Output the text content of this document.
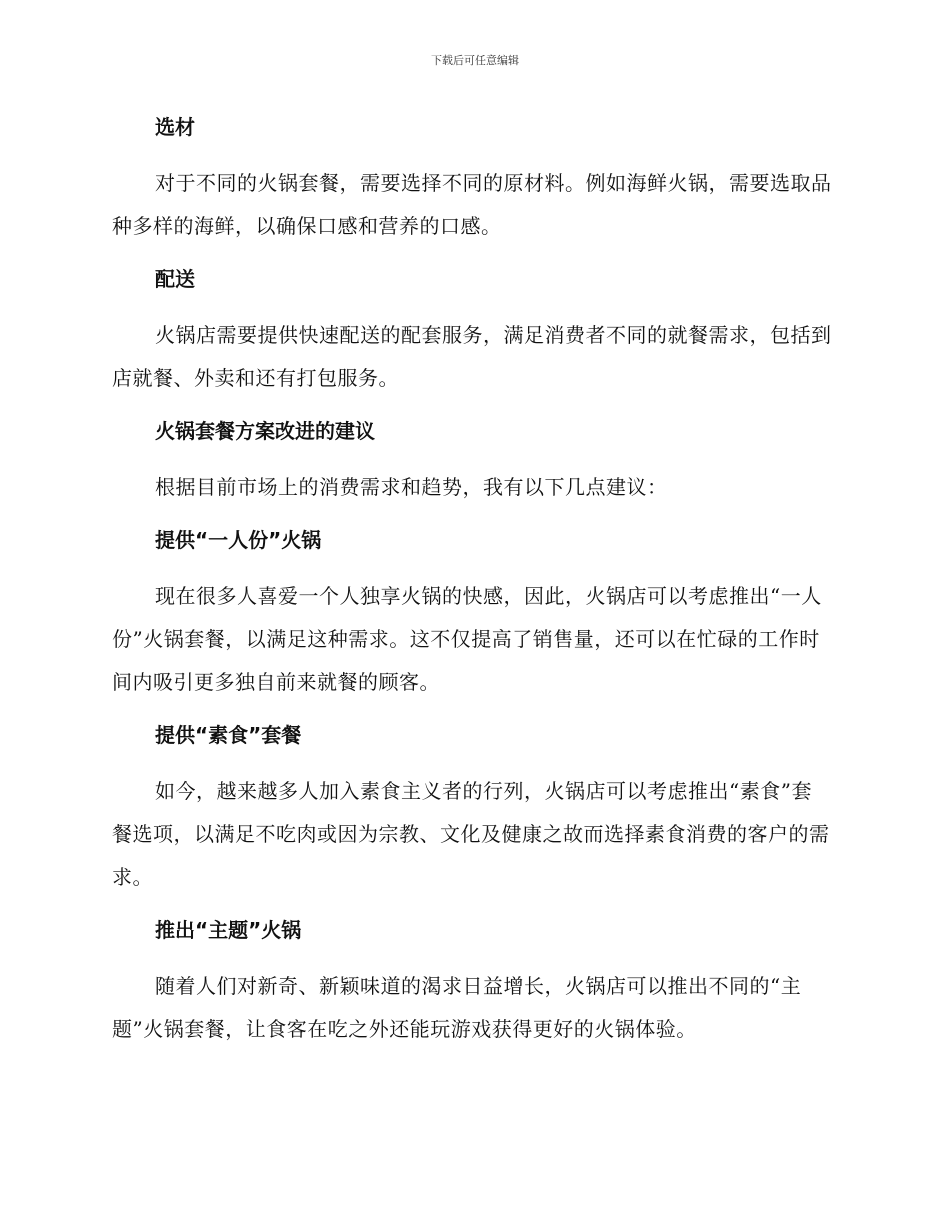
下载后可任意编辑
选材
对于不同的火锅套餐，需要选择不同的原材料。例如海鲜火锅，需要选取品种多样的海鲜，以确保口感和营养的口感。
配送
火锅店需要提供快速配送的配套服务，满足消费者不同的就餐需求，包括到店就餐、外卖和还有打包服务。
火锅套餐方案改进的建议
根据目前市场上的消费需求和趋势，我有以下几点建议：
提供“一人份”火锅
现在很多人喜爱一个人独享火锅的快感，因此，火锅店可以考虑推出“一人份”火锅套餐，以满足这种需求。这不仅提高了销售量，还可以在忙碌的工作时间内吸引更多独自前来就餐的顾客。
提供“素食”套餐
如今，越来越多人加入素食主义者的行列，火锅店可以考虑推出“素食”套餐选项，以满足不吃肉或因为宗教、文化及健康之故而选择素食消费的客户的需求。
推出“主题”火锅
随着人们对新奇、新颖味道的渴求日益增长，火锅店可以推出不同的“主题”火锅套餐，让食客在吃之外还能玩游戏获得更好的火锅体验。
